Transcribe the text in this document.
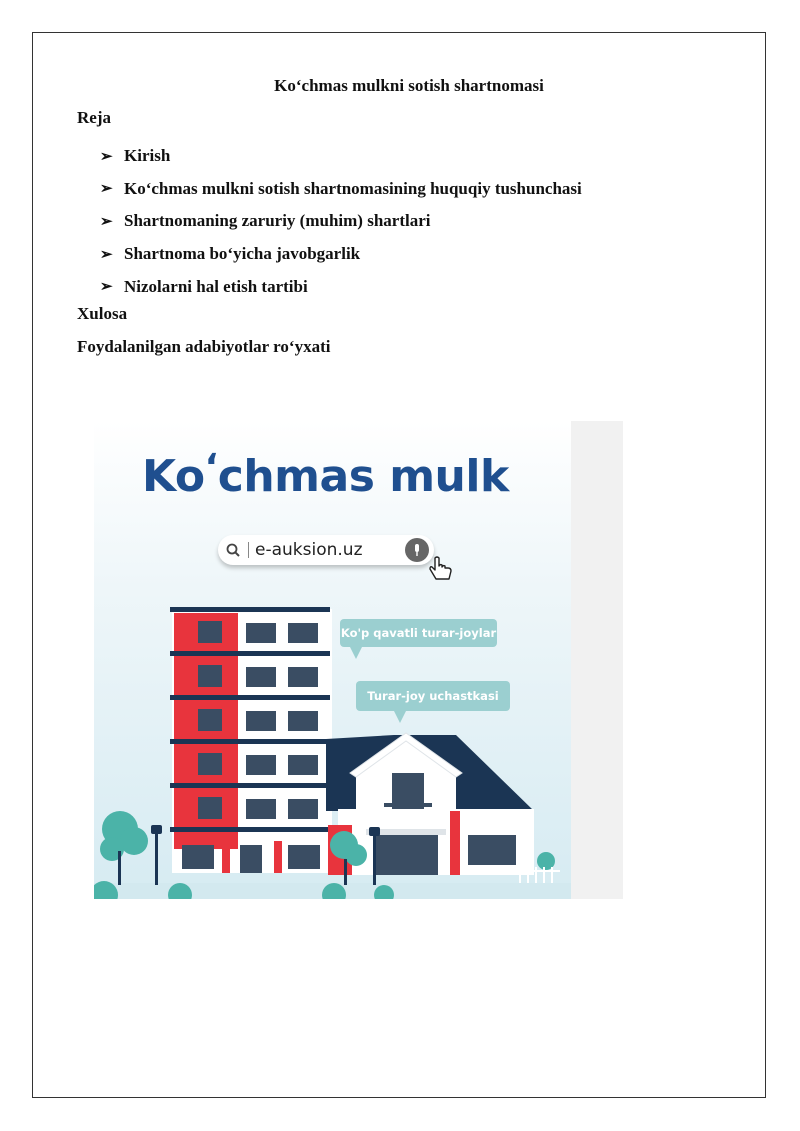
Koʻchmas mulkni sotish shartnomasi
Reja
➢ Kirish
➢ Koʻchmas mulkni sotish shartnomasining huquqiy tushunchasi
➢ Shartnomaning zaruriy (muhim) shartlari
➢ Shartnoma boʻyicha javobgarlik
➢ Nizolarni hal etish tartibi
Xulosa
Foydalanilgan adabiyotlar roʻyxati
Koʻchmas mulk
e-auksion.uz
Ko'p qavatli turar-joylar
Turar-joy uchastkasi
